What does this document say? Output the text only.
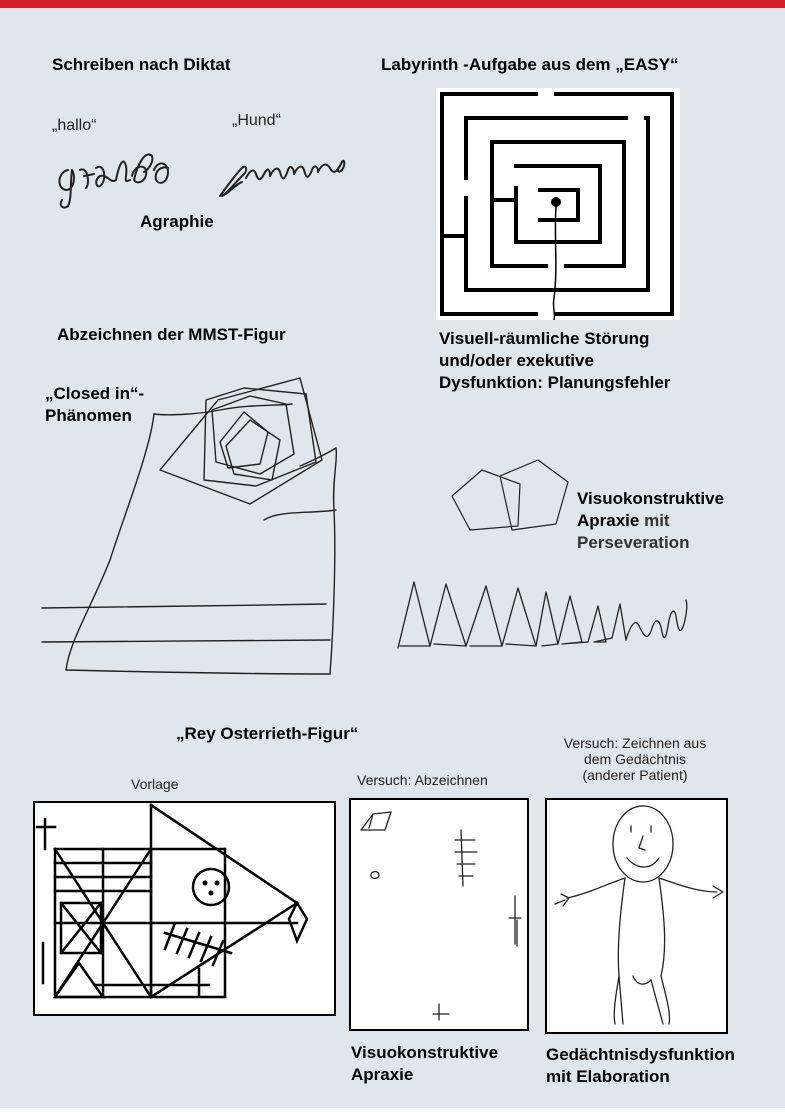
Schreiben nach Diktat
„hallo“	„Hund“
Agraphie
Labyrinth -Aufgabe aus dem „EASY“
Visuell-räumliche Störung
und/oder exekutive
Dysfunktion: Planungsfehler
Abzeichnen der MMST-Figur
„Closed in“-
Phänomen
Visuokonstruktive
Apraxie mit
Perseveration
„Rey Osterrieth-Figur“
Vorlage	Versuch: Abzeichnen
Versuch: Zeichnen aus
dem Gedächtnis
(anderer Patient)
Visuokonstruktive
Apraxie
Gedächtnisdysfunktion
mit Elaboration
